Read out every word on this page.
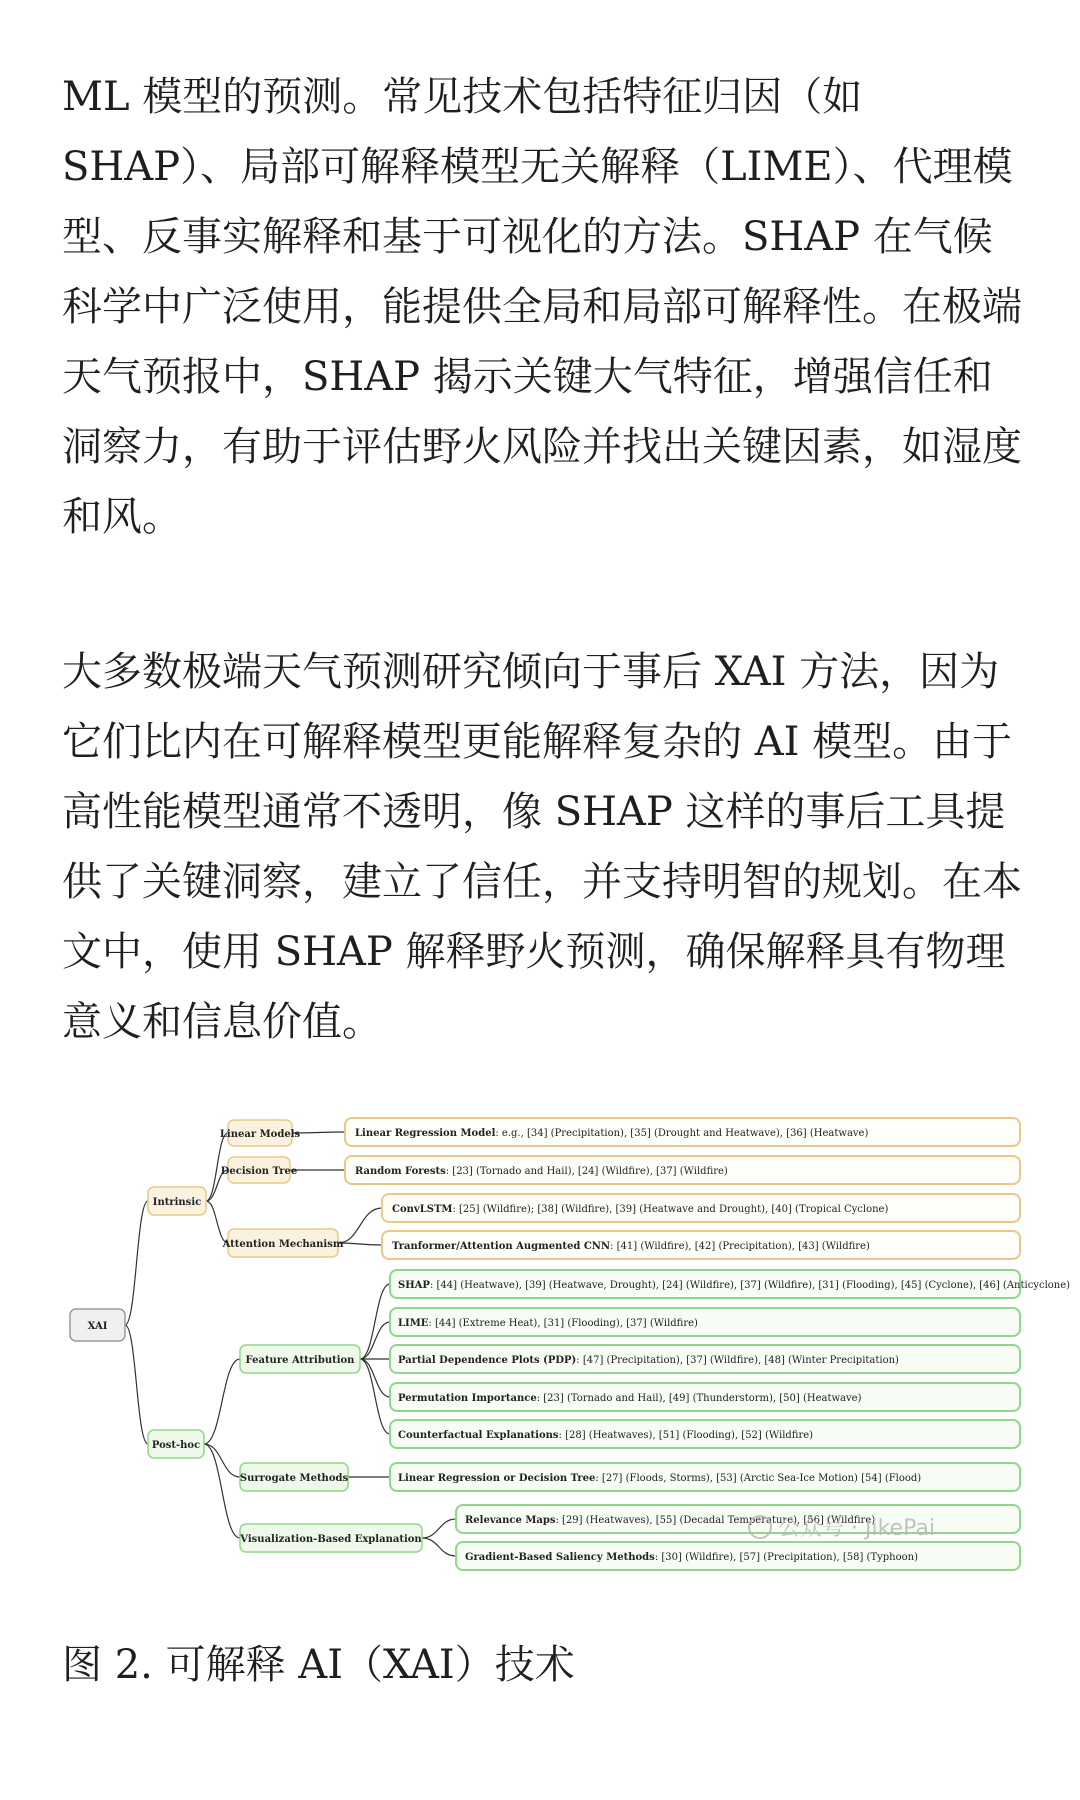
ML 模型的预测。常见技术包括特征归因（如 SHAP）、局部可解释模型无关解释（LIME）、代理模型、反事实解释和基于可视化的方法。SHAP 在气候科学中广泛使用，能提供全局和局部可解释性。在极端天气预报中，SHAP 揭示关键大气特征，增强信任和洞察力，有助于评估野火风险并找出关键因素，如湿度和风。

大多数极端天气预测研究倾向于事后 XAI 方法，因为它们比内在可解释模型更能解释复杂的 AI 模型。由于高性能模型通常不透明，像 SHAP 这样的事后工具提供了关键洞察，建立了信任，并支持明智的规划。在本文中，使用 SHAP 解释野火预测，确保解释具有物理意义和信息价值。

XAI
Intrinsic
Linear Models
Decision Tree
Attention Mechanism
Post-hoc
Feature Attribution
Surrogate Methods
Visualization-Based Explanation
Linear Regression Model: e.g., [34] (Precipitation), [35] (Drought and Heatwave), [36] (Heatwave)
Random Forests: [23] (Tornado and Hail), [24] (Wildfire), [37] (Wildfire)
ConvLSTM: [25] (Wildfire); [38] (Wildfire), [39] (Heatwave and Drought), [40] (Tropical Cyclone)
Tranformer/Attention Augmented CNN: [41] (Wildfire), [42] (Precipitation), [43] (Wildfire)
SHAP: [44] (Heatwave), [39] (Heatwave, Drought), [24] (Wildfire), [37] (Wildfire), [31] (Flooding), [45] (Cyclone), [46] (Anticyclone)
LIME: [44] (Extreme Heat), [31] (Flooding), [37] (Wildfire)
Partial Dependence Plots (PDP): [47] (Precipitation), [37] (Wildfire), [48] (Winter Precipitation)
Permutation Importance: [23] (Tornado and Hail), [49] (Thunderstorm), [50] (Heatwave)
Counterfactual Explanations: [28] (Heatwaves), [51] (Flooding), [52] (Wildfire)
Linear Regression or Decision Tree: [27] (Floods, Storms), [53] (Arctic Sea-Ice Motion) [54] (Flood)
Relevance Maps: [29] (Heatwaves), [55] (Decadal Temperature), [56] (Wildfire)
Gradient-Based Saliency Methods: [30] (Wildfire), [57] (Precipitation), [58] (Typhoon)
公众号 · JikePai

图 2. 可解释 AI（XAI）技术
